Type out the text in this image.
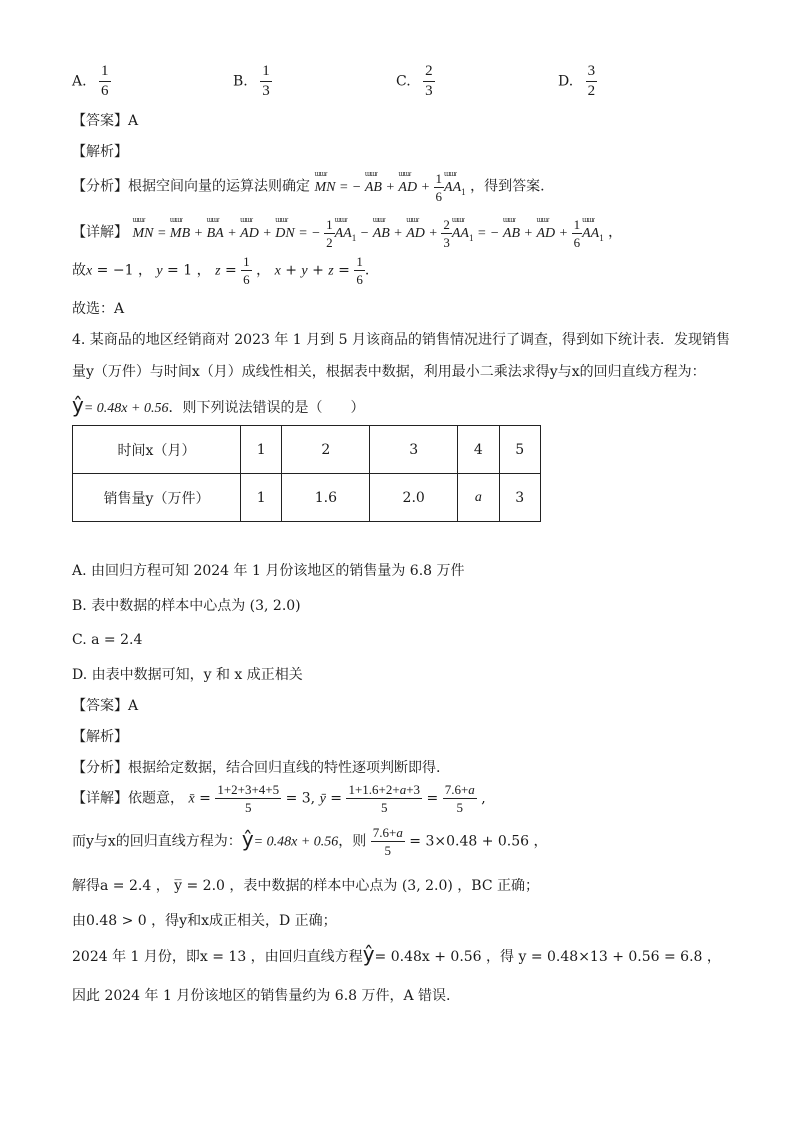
A. $\frac{1}{6}$	B. $\frac{1}{3}$	C. $\frac{2}{3}$	D. $\frac{3}{2}$
【答案】A
【解析】
【分析】根据空间向量的运算法则确定 ɯɯɾ MN = − ɯɯɾ AB + ɯɯɾ AD + $\frac{1}{6}$ ɯɯɾ $AA_1$ ，得到答案.
【详解】 ɯɯɾ MN = ɯɯɾ MB + ɯɯɾ BA + ɯɯɾ AD + ɯɯɾ DN = − $\frac{1}{2}$ ɯɯɾ $AA_1$ − ɯɯɾ AB + ɯɯɾ AD + $\frac{2}{3}$ ɯɯɾ $AA_1$ = − ɯɯɾ AB + ɯɯɾ AD + $\frac{1}{6}$ ɯɯɾ $AA_1$ ，
故x = −1 ， y = 1 ， $z = \frac{1}{6}$ ， $x + y + z = \frac{1}{6}$ .
故选：A
4. 某商品的地区经销商对 2023 年 1 月到 5 月该商品的销售情况进行了调查，得到如下统计表．发现销售
量y（万件）与时间x（月）成线性相关，根据表中数据，利用最小二乘法求得y与x的回归直线方程为：
ŷ= 0.48x + 0.56．则下列说法错误的是（　　）
时间x（月）	1	2	3	4	5
销售量y（万件）	1	1.6	2.0	a	3
A. 由回归方程可知 2024 年 1 月份该地区的销售量为 6.8 万件
B. 表中数据的样本中心点为 (3, 2.0)
C. a = 2.4
D. 由表中数据可知，y 和 x 成正相关
【答案】A
【解析】
【分析】根据给定数据，结合回归直线的特性逐项判断即得.
【详解】依题意， x̄ = $\frac{1+2+3+4+5}{5} = 3$, ȳ = $\frac{1+1.6+2+a+3}{5} = \frac{7.6+a}{5}$ ,
而y与x的回归直线方程为：ŷ= 0.48x + 0.56，则 $\frac{7.6+a}{5} = 3\times 0.48 + 0.56$ ，
解得a = 2.4 ， y̅ = 2.0 ，表中数据的样本中心点为 (3, 2.0) ，BC 正确；
由0.48 > 0 ，得y和x成正相关，D 正确；
2024 年 1 月份，即x = 13 ，由回归直线方程ŷ= 0.48x + 0.56 ，得 y = 0.48×13 + 0.56 = 6.8 ，
因此 2024 年 1 月份该地区的销售量约为 6.8 万件，A 错误.
